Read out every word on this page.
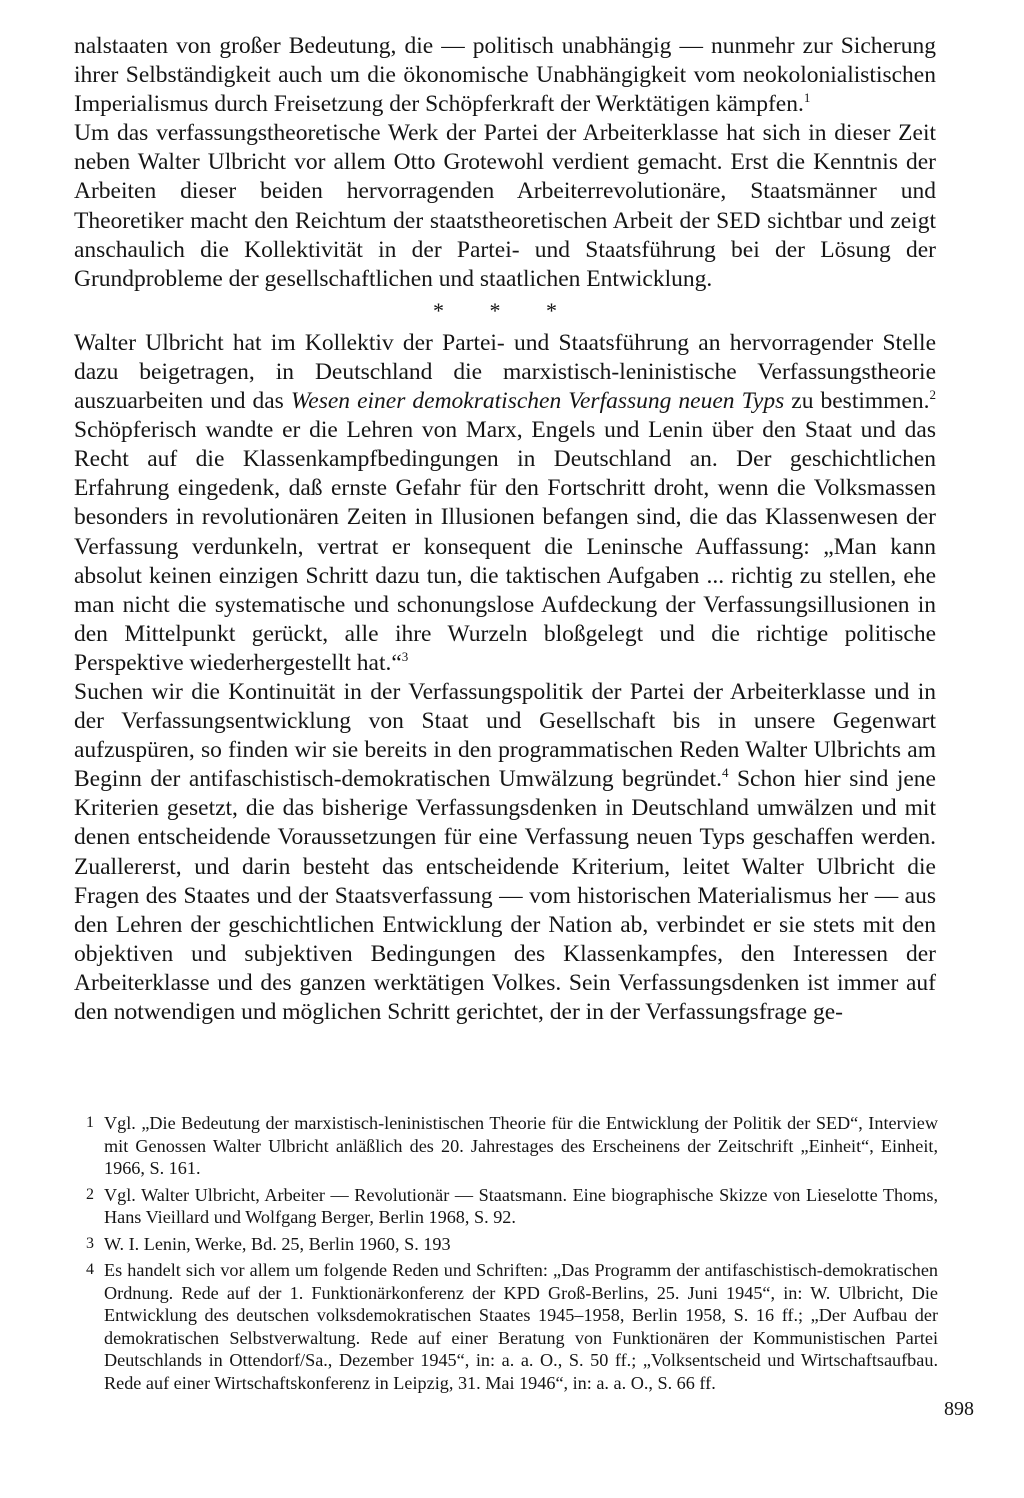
nalstaaten von großer Bedeutung, die — politisch unabhängig — nunmehr zur Sicherung ihrer Selbständigkeit auch um die ökonomische Unabhängigkeit vom neokolonialistischen Imperialismus durch Freisetzung der Schöpferkraft der Werktätigen kämpfen.$^1$

Um das verfassungstheoretische Werk der Partei der Arbeiterklasse hat sich in dieser Zeit neben Walter Ulbricht vor allem Otto Grotewohl verdient gemacht. Erst die Kenntnis der Arbeiten dieser beiden hervorragenden Arbeiterrevolutionäre, Staatsmänner und Theoretiker macht den Reichtum der staatstheoretischen Arbeit der SED sichtbar und zeigt anschaulich die Kollektivität in der Partei- und Staatsführung bei der Lösung der Grundprobleme der gesellschaftlichen und staatlichen Entwicklung.

* * *

Walter Ulbricht hat im Kollektiv der Partei- und Staatsführung an hervorragender Stelle dazu beigetragen, in Deutschland die marxistisch-leninistische Verfassungstheorie auszuarbeiten und das Wesen einer demokratischen Verfassung neuen Typs zu bestimmen.$^2$ Schöpferisch wandte er die Lehren von Marx, Engels und Lenin über den Staat und das Recht auf die Klassenkampfbedingungen in Deutschland an. Der geschichtlichen Erfahrung eingedenk, daß ernste Gefahr für den Fortschritt droht, wenn die Volksmassen besonders in revolutionären Zeiten in Illusionen befangen sind, die das Klassenwesen der Verfassung verdunkeln, vertrat er konsequent die Leninsche Auffassung: „Man kann absolut keinen einzigen Schritt dazu tun, die taktischen Aufgaben ... richtig zu stellen, ehe man nicht die systematische und schonungslose Aufdeckung der Verfassungsillusionen in den Mittelpunkt gerückt, alle ihre Wurzeln bloßgelegt und die richtige politische Perspektive wiederhergestellt hat.“$^3$

Suchen wir die Kontinuität in der Verfassungspolitik der Partei der Arbeiterklasse und in der Verfassungsentwicklung von Staat und Gesellschaft bis in unsere Gegenwart aufzuspüren, so finden wir sie bereits in den programmatischen Reden Walter Ulbrichts am Beginn der antifaschistisch-demokratischen Umwälzung begründet.$^4$ Schon hier sind jene Kriterien gesetzt, die das bisherige Verfassungsdenken in Deutschland umwälzen und mit denen entscheidende Voraussetzungen für eine Verfassung neuen Typs geschaffen werden. Zuallererst, und darin besteht das entscheidende Kriterium, leitet Walter Ulbricht die Fragen des Staates und der Staatsverfassung — vom historischen Materialismus her — aus den Lehren der geschichtlichen Entwicklung der Nation ab, verbindet er sie stets mit den objektiven und subjektiven Bedingungen des Klassenkampfes, den Interessen der Arbeiterklasse und des ganzen werktätigen Volkes. Sein Verfassungsdenken ist immer auf den notwendigen und möglichen Schritt gerichtet, der in der Verfassungsfrage ge-

1 Vgl. „Die Bedeutung der marxistisch-leninistischen Theorie für die Entwicklung der Politik der SED“, Interview mit Genossen Walter Ulbricht anläßlich des 20. Jahrestages des Erscheinens der Zeitschrift „Einheit“, Einheit, 1966, S. 161.
2 Vgl. Walter Ulbricht, Arbeiter — Revolutionär — Staatsmann. Eine biographische Skizze von Lieselotte Thoms, Hans Vieillard und Wolfgang Berger, Berlin 1968, S. 92.
3 W. I. Lenin, Werke, Bd. 25, Berlin 1960, S. 193
4 Es handelt sich vor allem um folgende Reden und Schriften: „Das Programm der antifaschistisch-demokratischen Ordnung. Rede auf der 1. Funktionärkonferenz der KPD Groß-Berlins, 25. Juni 1945“, in: W. Ulbricht, Die Entwicklung des deutschen volksdemokratischen Staates 1945–1958, Berlin 1958, S. 16 ff.; „Der Aufbau der demokratischen Selbstverwaltung. Rede auf einer Beratung von Funktionären der Kommunistischen Partei Deutschlands in Ottendorf/Sa., Dezember 1945“, in: a. a. O., S. 50 ff.; „Volksentscheid und Wirtschaftsaufbau. Rede auf einer Wirtschaftskonferenz in Leipzig, 31. Mai 1946“, in: a. a. O., S. 66 ff.
898
